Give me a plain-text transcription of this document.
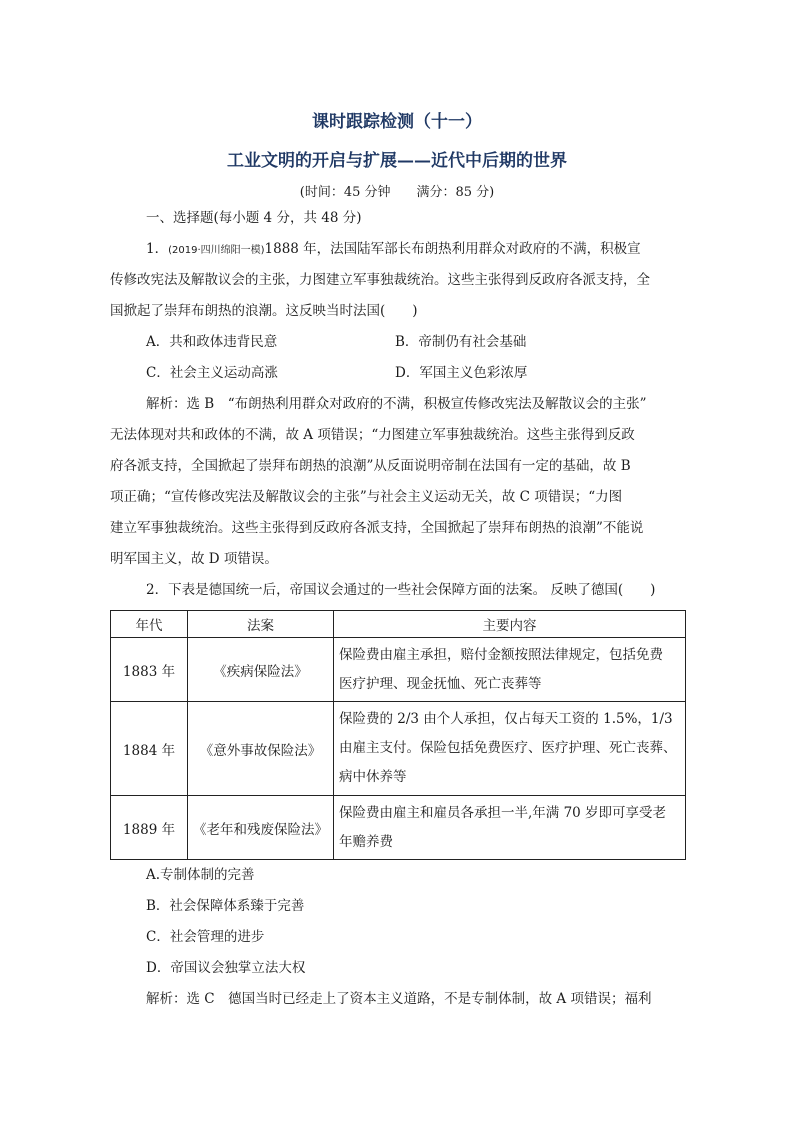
课时跟踪检测（十一）
工业文明的开启与扩展——近代中后期的世界
(时间：45 分钟　　满分：85 分)
一、选择题(每小题 4 分，共 48 分)
1．(2019·四川绵阳一模)1888 年，法国陆军部长布朗热利用群众对政府的不满，积极宣
传修改宪法及解散议会的主张，力图建立军事独裁统治。这些主张得到反政府各派支持，全
国掀起了崇拜布朗热的浪潮。这反映当时法国(　　)
A．共和政体违背民意	B．帝制仍有社会基础
C．社会主义运动高涨	D．军国主义色彩浓厚
解析：选 B　“布朗热利用群众对政府的不满，积极宣传修改宪法及解散议会的主张”
无法体现对共和政体的不满，故 A 项错误；“力图建立军事独裁统治。这些主张得到反政
府各派支持，全国掀起了崇拜布朗热的浪潮”从反面说明帝制在法国有一定的基础，故 B
项正确；“宣传修改宪法及解散议会的主张”与社会主义运动无关，故 C 项错误；“力图
建立军事独裁统治。这些主张得到反政府各派支持，全国掀起了崇拜布朗热的浪潮”不能说
明军国主义，故 D 项错误。
2．下表是德国统一后，帝国议会通过的一些社会保障方面的法案。 反映了德国(　　)
年代	法案	主要内容
1883 年	《疾病保险法》	保险费由雇主承担，赔付金额按照法律规定，包括免费
医疗护理、现金抚恤、死亡丧葬等

1884 年	《意外事故保险法》	保险费的 2/3 由个人承担，仅占每天工资的 1.5%，1/3
由雇主支付。保险包括免费医疗、医疗护理、死亡丧葬、
病中休养等

1889 年	《老年和残废保险法》	保险费由雇主和雇员各承担一半,年满 70 岁即可享受老
年赡养费
A.专制体制的完善
B．社会保障体系臻于完善
C．社会管理的进步
D．帝国议会独掌立法大权
解析：选 C　德国当时已经走上了资本主义道路，不是专制体制，故 A 项错误；福利
